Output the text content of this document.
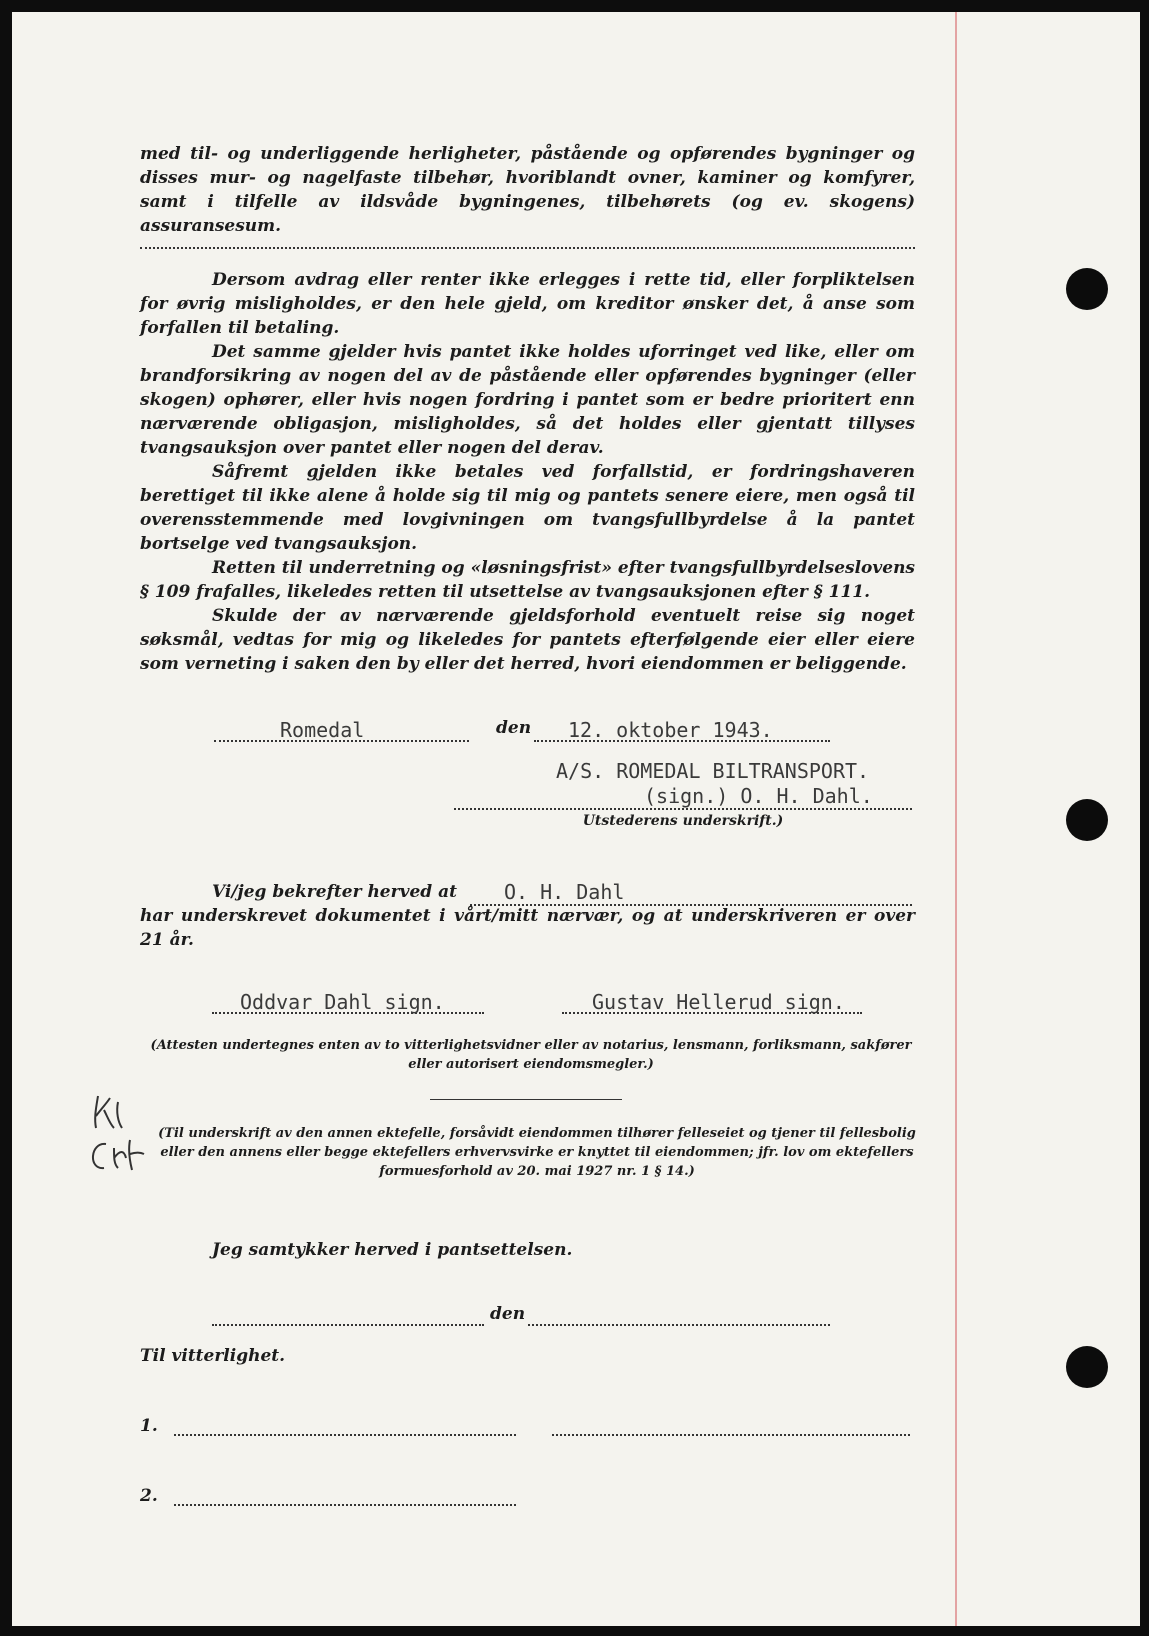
med til- og underliggende herligheter, påstående og opførendes bygninger og disses mur- og nagelfaste tilbehør, hvoriblandt ovner, kaminer og komfyrer, samt i tilfelle av ildsvåde bygningenes, tilbehørets (og ev. skogens) assuransesum.
Dersom avdrag eller renter ikke erlegges i rette tid, eller forpliktelsen for øvrig misligholdes, er den hele gjeld, om kreditor ønsker det, å anse som forfallen til betaling.
Det samme gjelder hvis pantet ikke holdes uforringet ved like, eller om brandforsikring av nogen del av de påstående eller opførendes bygninger (eller skogen) ophører, eller hvis nogen fordring i pantet som er bedre prioritert enn nærværende obligasjon, misligholdes, så det holdes eller gjentatt tillyses tvangsauksjon over pantet eller nogen del derav.
Såfremt gjelden ikke betales ved forfallstid, er fordringshaveren berettiget til ikke alene å holde sig til mig og pantets senere eiere, men også til overensstemmende med lovgivningen om tvangsfullbyrdelse å la pantet bortselge ved tvangsauksjon.
Retten til underretning og «løsningsfrist» efter tvangsfullbyrdelseslovens § 109 frafalles, likeledes retten til utsettelse av tvangsauksjonen efter § 111.
Skulde der av nærværende gjeldsforhold eventuelt reise sig noget søksmål, vedtas for mig og likeledes for pantets efterfølgende eier eller eiere som verneting i saken den by eller det herred, hvori eiendommen er beliggende.
Romedal	den 12. oktober 1943.
A/S. ROMEDAL BILTRANSPORT.
(sign.) O. H. Dahl.
Utstederens underskrift.)
Vi/jeg bekrefter herved at O. H. Dahl
har underskrevet dokumentet i vårt/mitt nærvær, og at underskriveren er over 21 år.
Oddvar Dahl sign.	Gustav Hellerud sign.
(Attesten undertegnes enten av to vitterlighetsvidner eller av notarius, lensmann, forliksmann, sakfører eller autorisert eiendomsmegler.)
(Til underskrift av den annen ektefelle, forsåvidt eiendommen tilhører felleseiet og tjener til fellesbolig eller den annens eller begge ektefellers erhvervsvirke er knyttet til eiendommen; jfr. lov om ektefellers formuesforhold av 20. mai 1927 nr. 1 § 14.)
Jeg samtykker herved i pantsettelsen.
den
Til vitterlighet.
1.
2.
